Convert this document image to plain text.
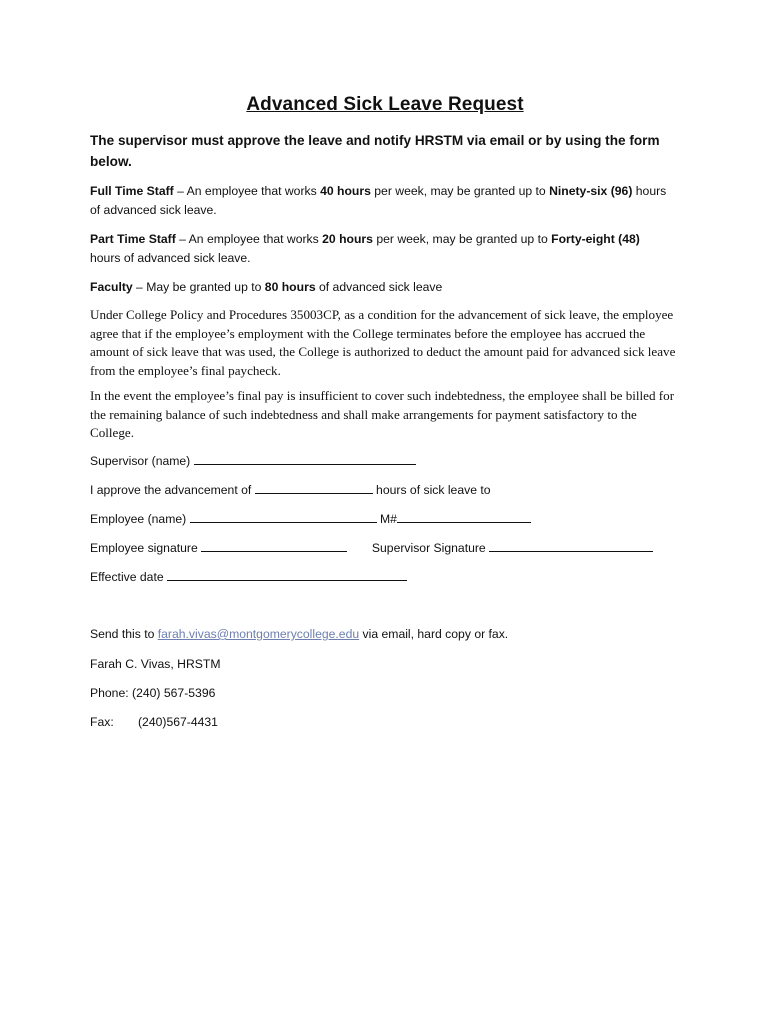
Advanced Sick Leave Request
The supervisor must approve the leave and notify HRSTM via email or by using the form below.
Full Time Staff – An employee that works 40 hours per week, may be granted up to Ninety-six (96) hours of advanced sick leave.
Part Time Staff – An employee that works 20 hours per week, may be granted up to Forty-eight (48) hours of advanced sick leave.
Faculty – May be granted up to 80 hours of advanced sick leave
Under College Policy and Procedures 35003CP, as a condition for the advancement of sick leave, the employee agree that if the employee’s employment with the College terminates before the employee has accrued the amount of sick leave that was used, the College is authorized to deduct the amount paid for advanced sick leave from the employee’s final paycheck.
In the event the employee’s final pay is insufficient to cover such indebtedness, the employee shall be billed for the remaining balance of such indebtedness and shall make arrangements for payment satisfactory to the College.
Supervisor (name)
I approve the advancement of	hours of sick leave to
Employee (name)	M#
Employee signature	Supervisor Signature
Effective date
Send this to farah.vivas@montgomerycollege.edu via email, hard copy or fax.
Farah C. Vivas, HRSTM
Phone: (240) 567-5396
Fax: (240)567-4431
